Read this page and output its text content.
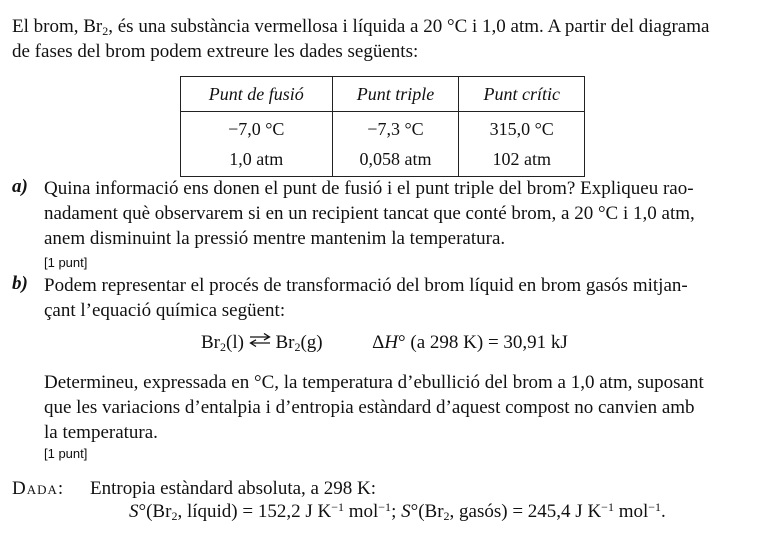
El brom, $Br_2$, és una substància vermellosa i líquida a 20 °C i 1,0 atm. A partir del diagrama
de fases del brom podem extreure les dades següents:
Punt de fusió	Punt triple	Punt crític
−7,0 °C	−7,3 °C	315,0 °C
1,0 atm	0,058 atm	102 atm
a) Quina informació ens donen el punt de fusió i el punt triple del brom? Expliqueu rao-
nadament què observarem si en un recipient tancat que conté brom, a 20 °C i 1,0 atm,
anem disminuint la pressió mentre mantenim la temperatura.
[1 punt]
b) Podem representar el procés de transformació del brom líquid en brom gasós mitjan-
çant l’equació química següent:
$Br_2(l)$ ⇌ $Br_2(g)$	ΔH° (a 298 K) = 30,91 kJ
Determineu, expressada en °C, la temperatura d’ebullició del brom a 1,0 atm, suposant
que les variacions d’entalpia i d’entropia estàndard d’aquest compost no canvien amb
la temperatura.
[1 punt]
Dada: Entropia estàndard absoluta, a 298 K:
$S^\circ(Br_2$, líquid) = 152,2 J $K^{-1}$ mol$^{-1}$; $S^\circ(Br_2$, gasós) = 245,4 J $K^{-1}$ mol$^{-1}$.
